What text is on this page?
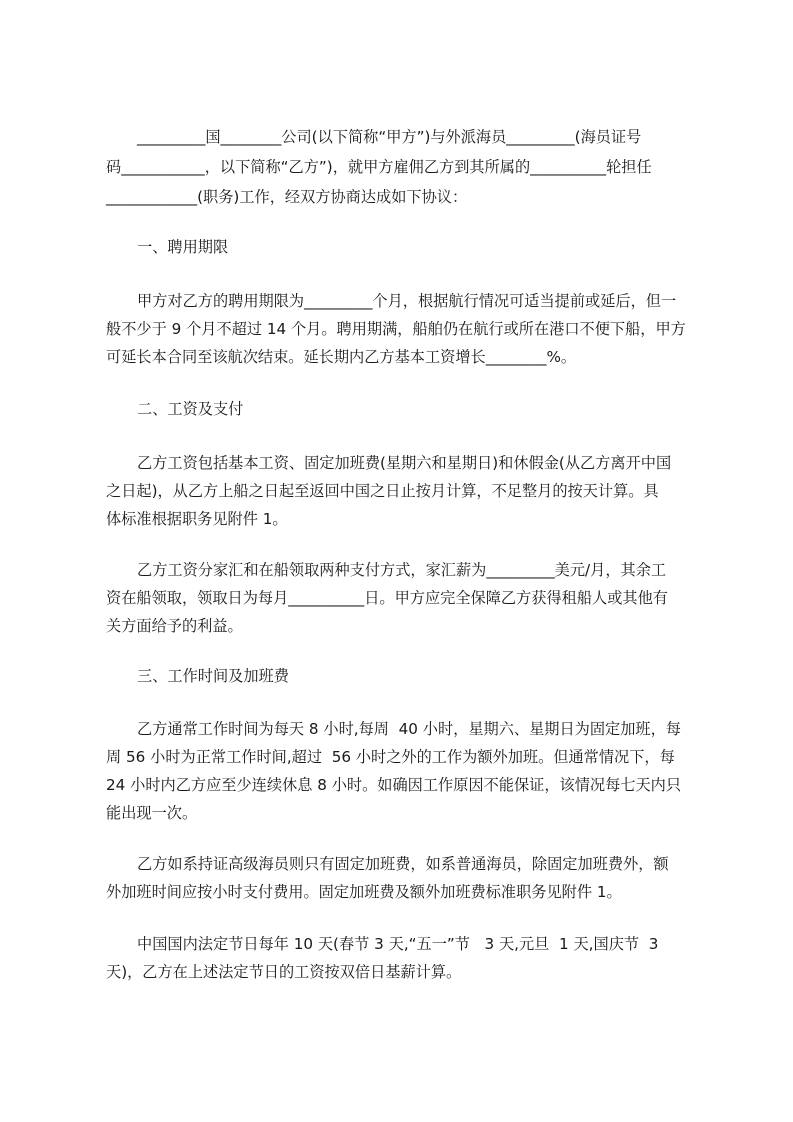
_________国________公司(以下简称“甲方”)与外派海员_________(海员证号
码___________，以下简称“乙方”)，就甲方雇佣乙方到其所属的__________轮担任
____________(职务)工作，经双方协商达成如下协议：
一、聘用期限
甲方对乙方的聘用期限为_________个月，根据航行情况可适当提前或延后，但一
般不少于 9 个月不超过 14 个月。聘用期满，船舶仍在航行或所在港口不便下船，甲方
可延长本合同至该航次结束。延长期内乙方基本工资增长________%。
二、工资及支付
乙方工资包括基本工资、固定加班费(星期六和星期日)和休假金(从乙方离开中国
之日起)，从乙方上船之日起至返回中国之日止按月计算，不足整月的按天计算。具
体标准根据职务见附件 1。
乙方工资分家汇和在船领取两种支付方式，家汇薪为_________美元/月，其余工
资在船领取，领取日为每月__________日。甲方应完全保障乙方获得租船人或其他有
关方面给予的利益。
三、工作时间及加班费
乙方通常工作时间为每天 8 小时,每周  40 小时，星期六、星期日为固定加班，每
周 56 小时为正常工作时间,超过  56 小时之外的工作为额外加班。但通常情况下，每
24 小时内乙方应至少连续休息 8 小时。如确因工作原因不能保证，该情况每七天内只
能出现一次。
乙方如系持证高级海员则只有固定加班费，如系普通海员，除固定加班费外，额
外加班时间应按小时支付费用。固定加班费及额外加班费标准职务见附件 1。
中国国内法定节日每年 10 天(春节 3 天,“五一”节   3 天,元旦  1 天,国庆节  3
天)，乙方在上述法定节日的工资按双倍日基薪计算。
